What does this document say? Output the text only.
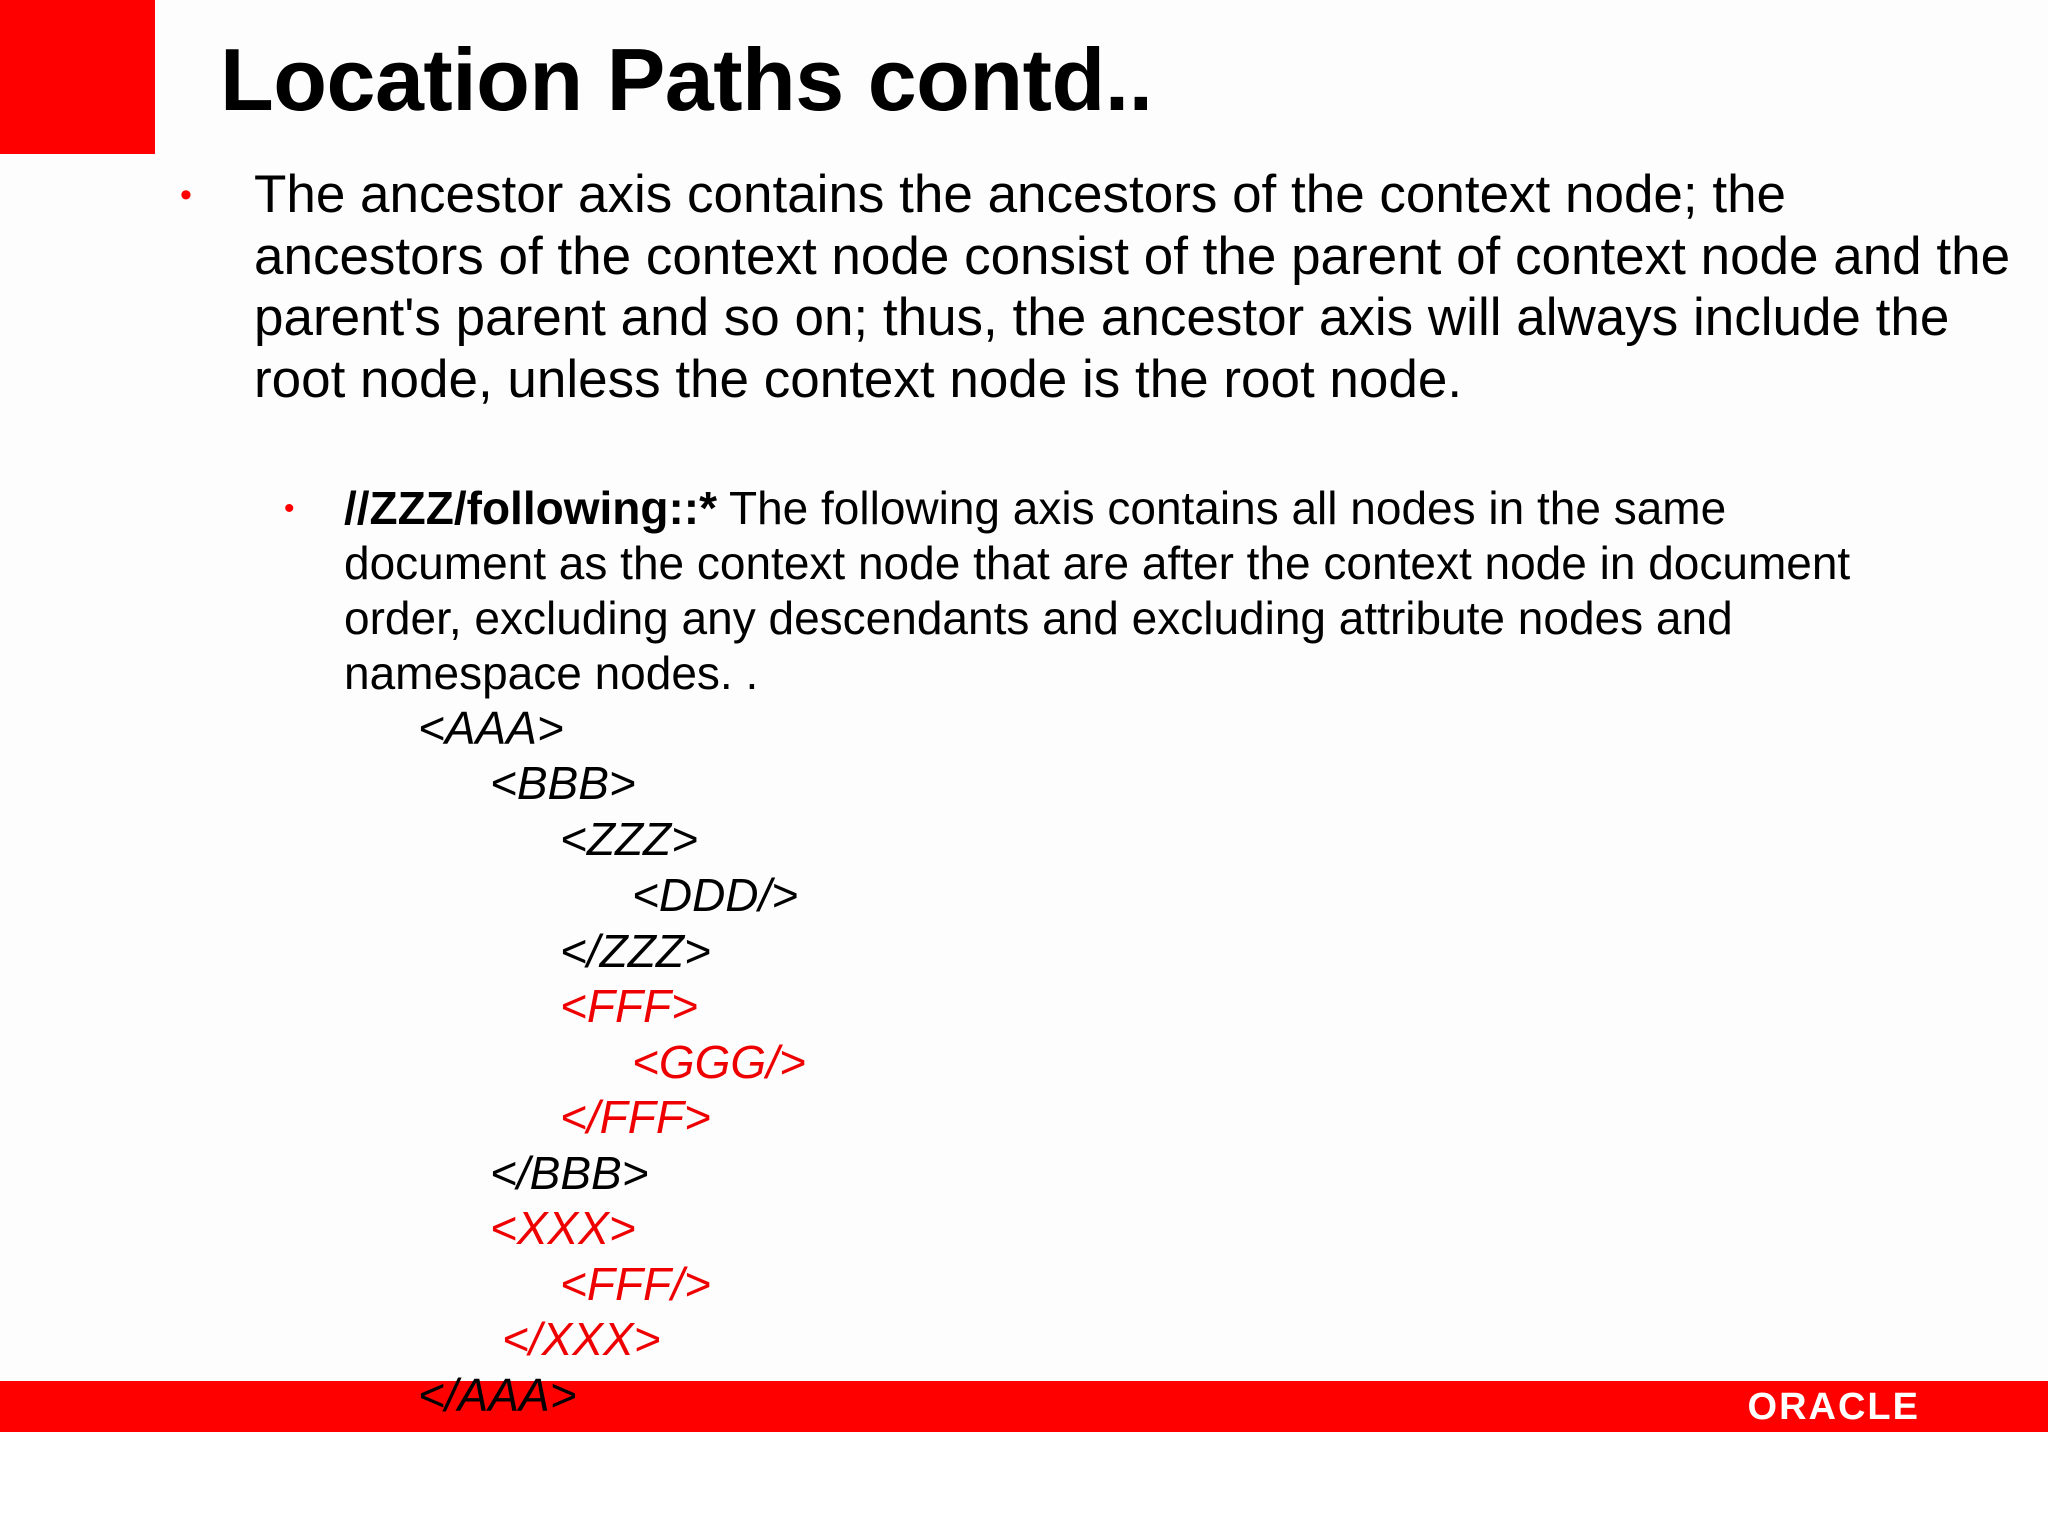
Location Paths contd..
• The ancestor axis contains the ancestors of the context node; the ancestors of the context node consist of the parent of context node and the parent's parent and so on; thus, the ancestor axis will always include the root node, unless the context node is the root node.

• //ZZZ/following::* The following axis contains all nodes in the same document as the context node that are after the context node in document order, excluding any descendants and excluding attribute nodes and namespace nodes. .

<AAA>

<BBB>

<ZZZ>

<DDD/>

</ZZZ>

<FFF>

<GGG/>

</FFF>

</BBB>

<XXX>

<FFF/>

</XXX>

</AAA>	ORACLE
